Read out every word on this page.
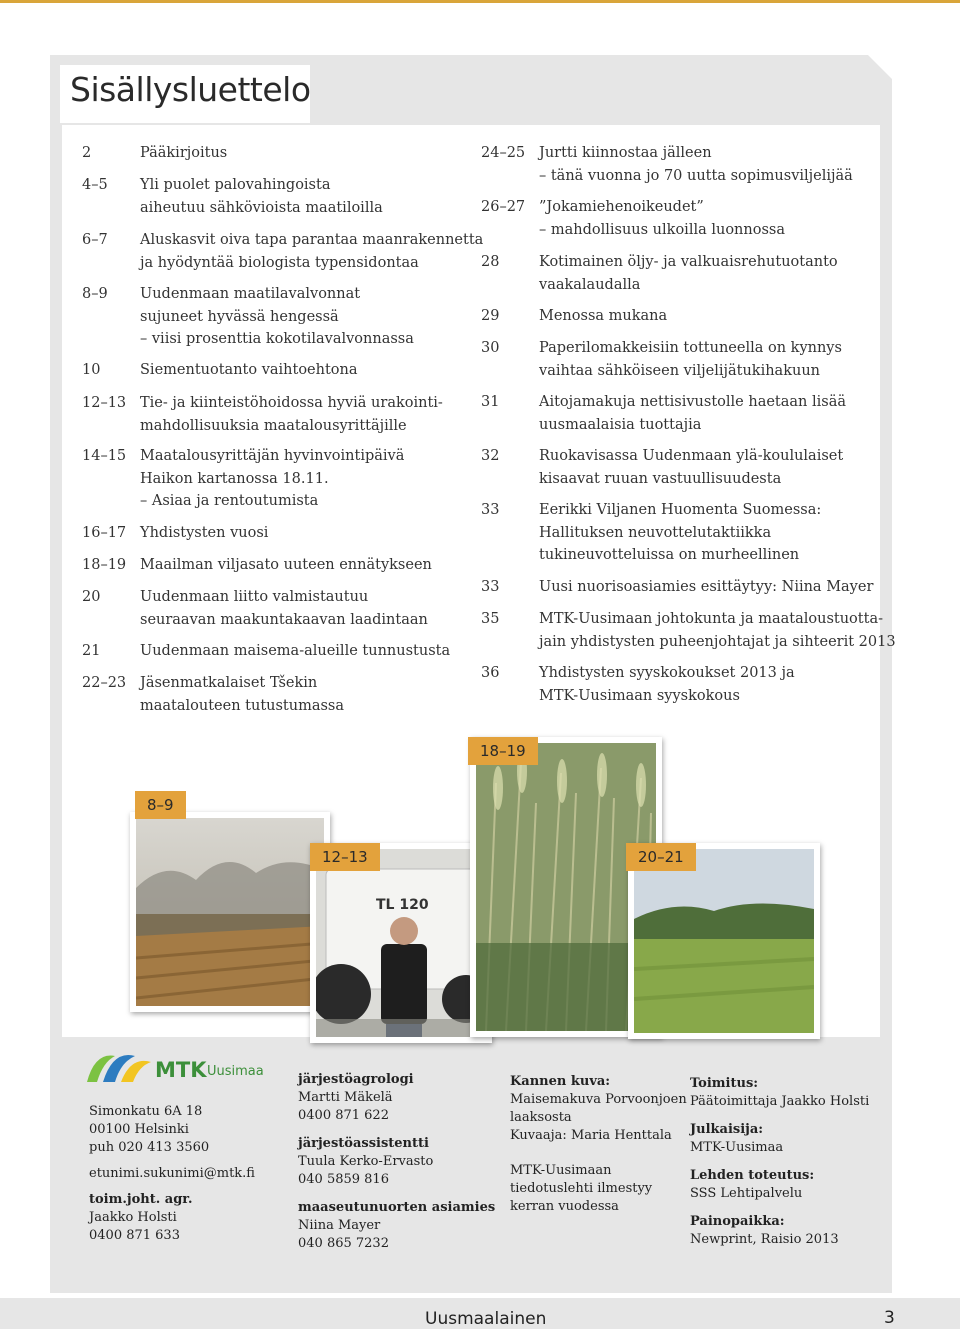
Sisällysluettelo
2	Pääkirjoitus
4–5 Yli puolet palovahingoista
aiheutuu sähkövioista maatiloilla
6–7 Aluskasvit oiva tapa parantaa maanrakennetta
ja hyödyntää biologista typensidontaa
8–9 Uudenmaan maatilavalvonnat
sujuneet hyvässä hengessä
– viisi prosenttia kokotilavalvonnassa
10	Siementuotanto vaihtoehtona
12–13 Tie- ja kiinteistöhoidossa hyviä urakointi-
mahdollisuuksia maatalousyrittäjille
14–15 Maatalousyrittäjän hyvinvointipäivä
Haikon kartanossa 18.11.
– Asiaa ja rentoutumista
16–17 Yhdistysten vuosi
18–19 Maailman viljasato uuteen ennätykseen
20	Uudenmaan liitto valmistautuu
seuraavan maakuntakaavan laadintaan
21	Uudenmaan maisema-alueille tunnustusta
22–23 Jäsenmatkalaiset Tšekin
maatalouteen tutustumassa
24–25 Jurtti kiinnostaa jälleen
– tänä vuonna jo 70 uutta sopimusviljelijää
26–27 ”Jokamiehenoikeudet”
– mahdollisuus ulkoilla luonnossa
28	Kotimainen öljy- ja valkuaisrehutuotanto
vaakalaudalla
29	Menossa mukana
30	Paperilomakkeisiin tottuneella on kynnys
vaihtaa sähköiseen viljelijätukihakuun
31	Aitojamakuja nettisivustolle haetaan lisää
uusmaalaisia tuottajia
32	Ruokavisassa Uudenmaan ylä-koululaiset
kisaavat ruuan vastuullisuudesta
33	Eerikki Viljanen Huomenta Suomessa:
Hallituksen neuvottelutaktiikka
tukineuvotteluissa on murheellinen
33	Uusi nuorisoasiamies esittäytyy: Niina Mayer
35	MTK-Uusimaan johtokunta ja maataloustuotta-
jain yhdistysten puheenjohtajat ja sihteerit 2013
36	Yhdistysten syyskokoukset 2013 ja
MTK-Uusimaan syyskokous
8–9
TL 120
12–13
18–19
20–21
MTK Uusimaa
Simonkatu 6A 18
00100 Helsinki
puh 020 413 3560
etunimi.sukunimi@mtk.fi
toim.joht. agr.
Jaakko Holsti
0400 871 633
järjestöagrologi
Martti Mäkelä
0400 871 622
järjestöassistentti
Tuula Kerko-Ervasto
040 5859 816
maaseutunuorten asiamies
Niina Mayer
040 865 7232
Kannen kuva:
Maisemakuva Porvoonjoen
laaksosta
Kuvaaja: Maria Henttala
MTK-Uusimaan
tiedotuslehti ilmestyy
kerran vuodessa
Toimitus:
Päätoimittaja Jaakko Holsti
Julkaisija:
MTK-Uusimaa
Lehden toteutus:
SSS Lehtipalvelu
Painopaikka:
Newprint, Raisio 2013
Uusmaalainen	3
